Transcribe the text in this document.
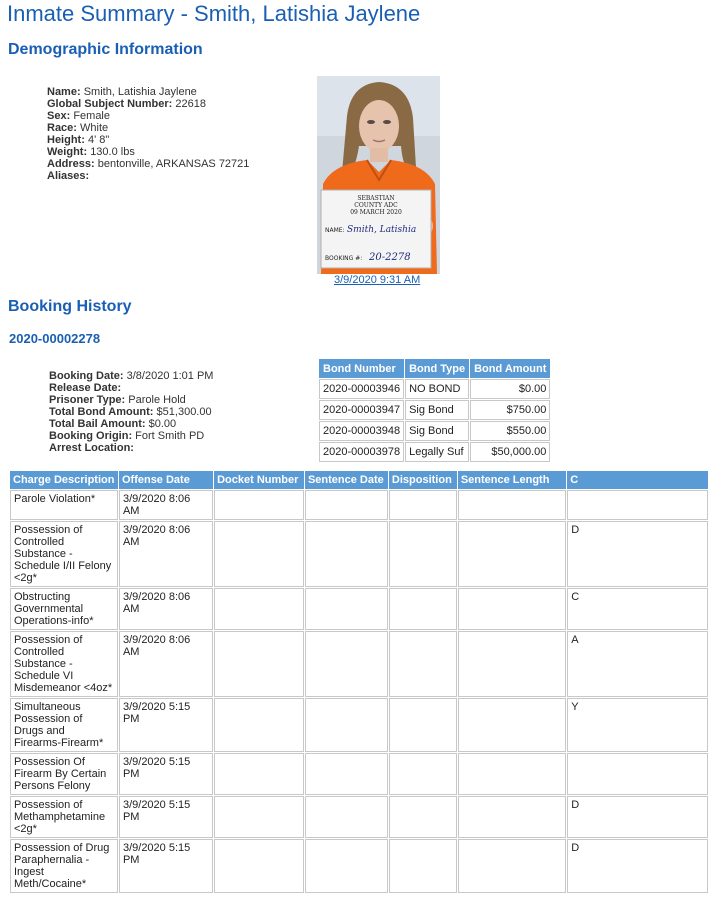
Inmate Summary - Smith, Latishia Jaylene
Demographic Information
Name: Smith, Latishia Jaylene
Global Subject Number: 22618
Sex: Female
Race: White
Height: 4' 8"
Weight: 130.0 lbs
Address: bentonville, ARKANSAS 72721
Aliases:
SEBASTIAN
COUNTY ADC
09 MARCH 2020
NAME: Smith, Latishia
BOOKING #: 20-2278
3/9/2020 9:31 AM
Booking History
2020-00002278
Booking Date: 3/8/2020 1:01 PM
Release Date:
Prisoner Type: Parole Hold
Total Bond Amount: $51,300.00
Total Bail Amount: $0.00
Booking Origin: Fort Smith PD
Arrest Location:
Bond Number	Bond Type	Bond Amount
2020-00003946	NO BOND	$0.00
2020-00003947	Sig Bond	$750.00
2020-00003948	Sig Bond	$550.00
2020-00003978	Legally Suf	$50,000.00
Charge Description	Offense Date	Docket Number	Sentence Date	Disposition	Sentence Length	C
Parole Violation*	3/9/2020 8:06 AM					
Possession of Controlled Substance - Schedule I/II Felony <2g*	3/9/2020 8:06 AM					D
Obstructing Governmental Operations-info*	3/9/2020 8:06 AM					C
Possession of Controlled Substance - Schedule VI Misdemeanor <4oz*	3/9/2020 8:06 AM					A
Simultaneous Possession of Drugs and Firearms-Firearm*	3/9/2020 5:15 PM					Y
Possession Of Firearm By Certain Persons Felony	3/9/2020 5:15 PM					
Possession of Methamphetamine <2g*	3/9/2020 5:15 PM					D
Possession of Drug Paraphernalia - Ingest Meth/Cocaine*	3/9/2020 5:15 PM					D
